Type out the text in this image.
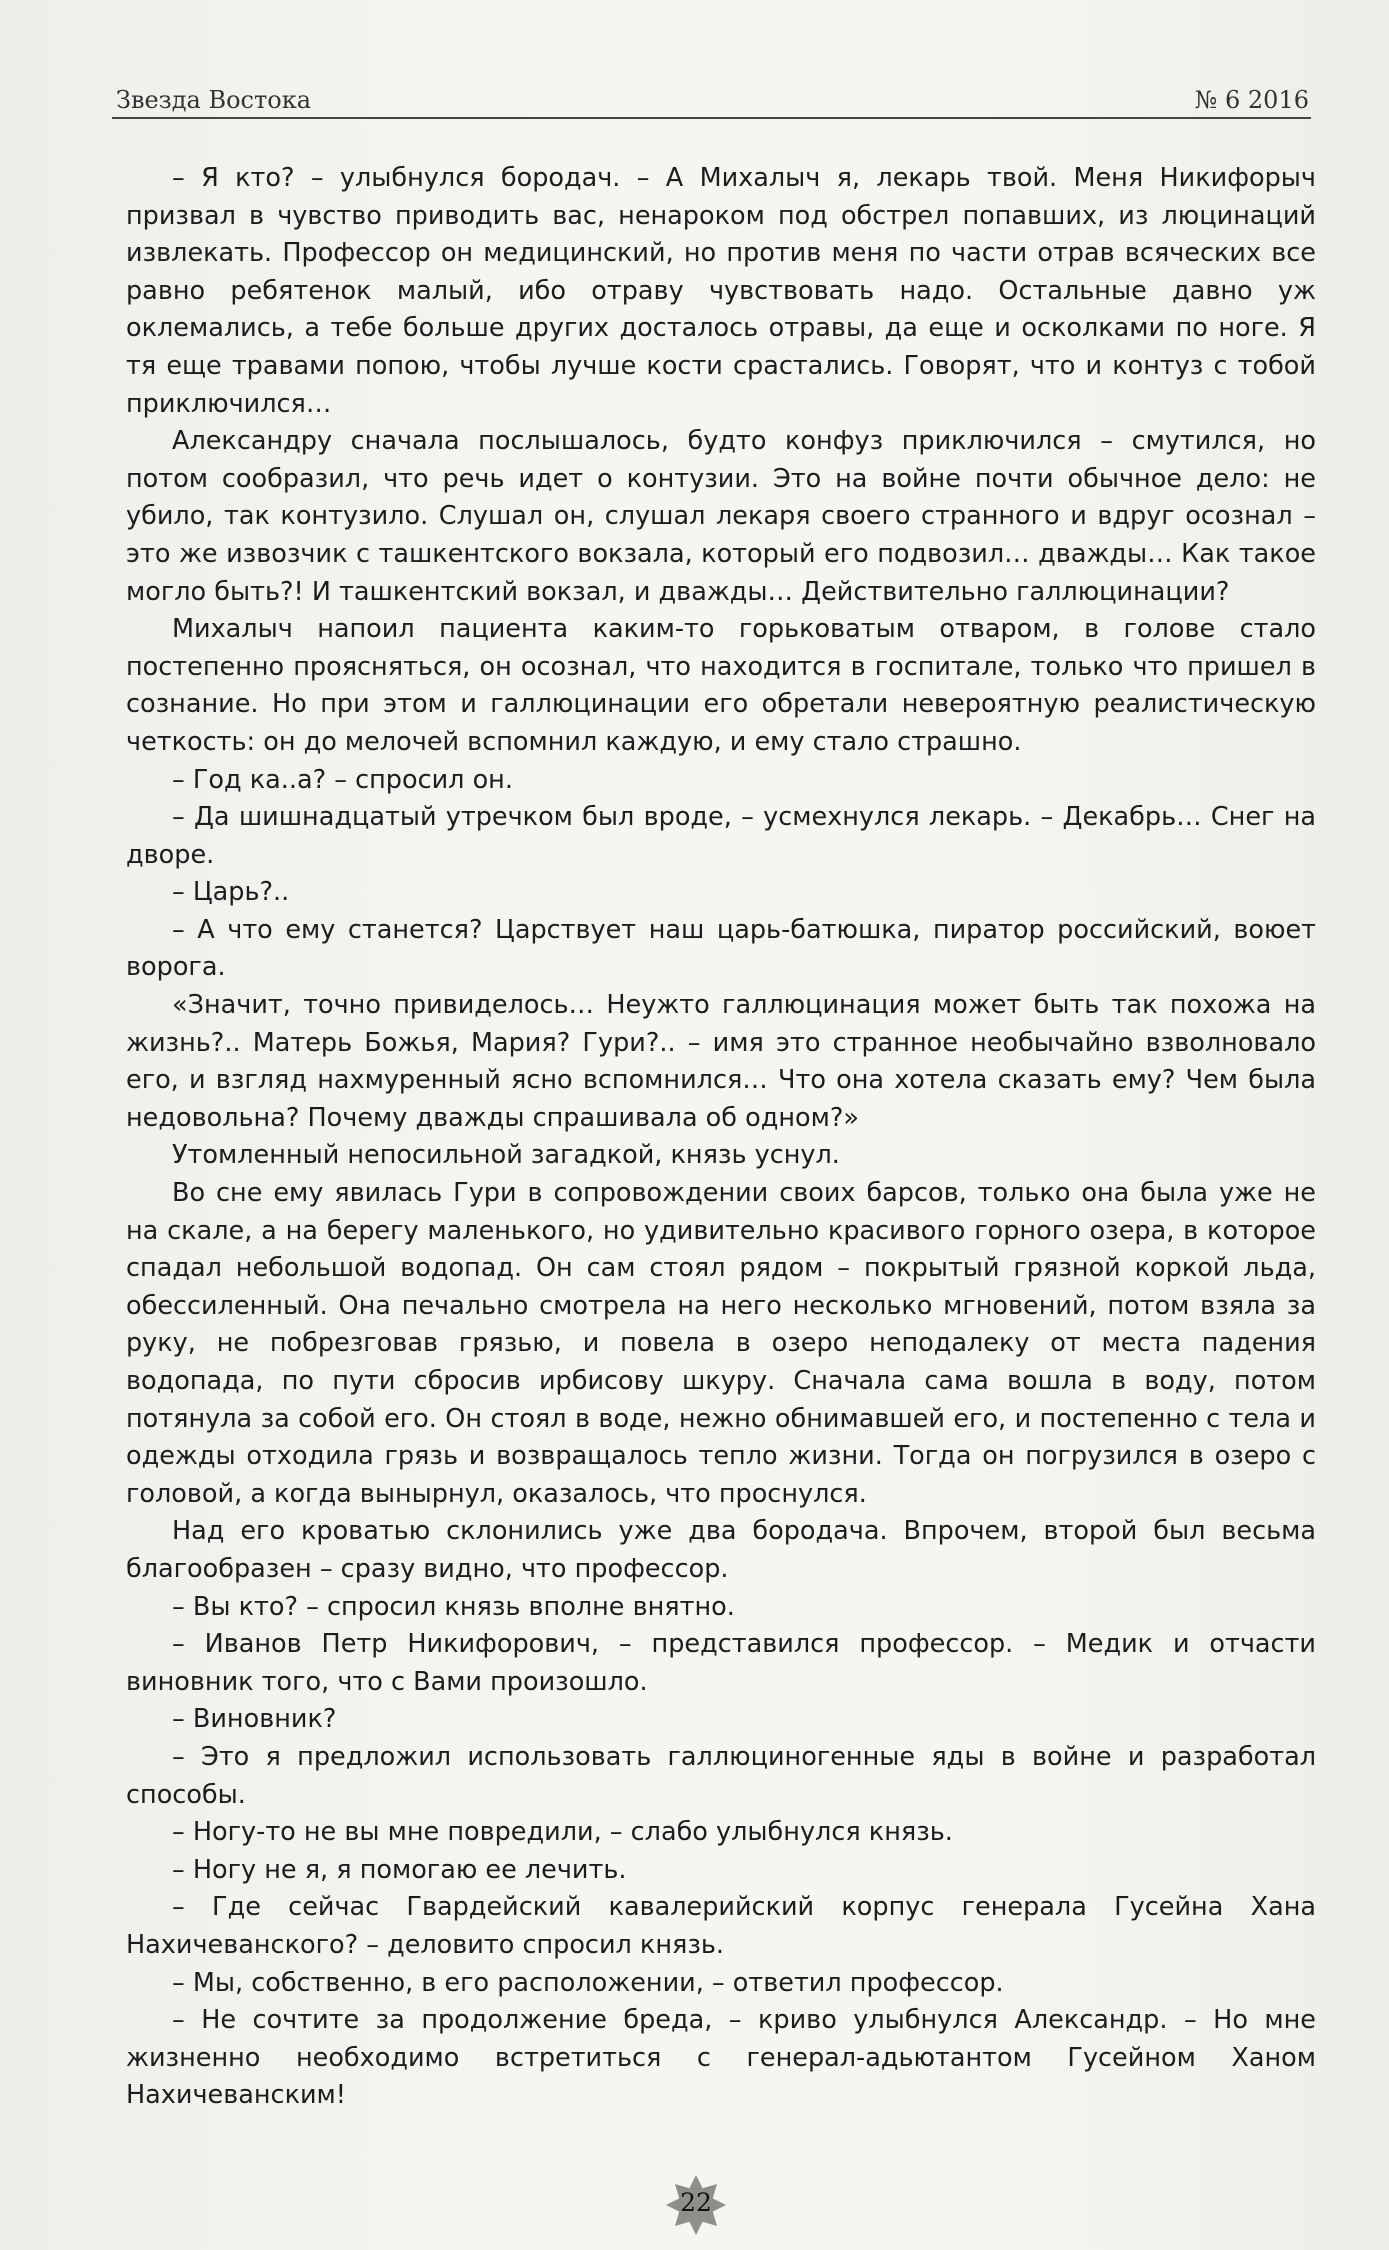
Звезда Востока	№ 6 2016

– Я кто? – улыбнулся бородач. – А Михалыч я, лекарь твой. Меня Никифорыч призвал в чувство приводить вас, ненароком под обстрел попавших, из люцинаций извлекать. Профессор он медицинский, но против меня по части отрав всяческих все равно ребятенок малый, ибо отраву чувствовать надо. Остальные давно уж оклемались, а тебе больше других досталось отравы, да еще и осколками по ноге. Я тя еще травами попою, чтобы лучше кости срастались. Говорят, что и контуз с тобой приключился…

Александру сначала послышалось, будто конфуз приключился – смутился, но потом сообразил, что речь идет о контузии. Это на войне почти обычное дело: не убило, так контузило. Слушал он, слушал лекаря своего странного и вдруг осознал – это же извозчик с ташкентского вокзала, который его подвозил… дважды… Как такое могло быть?! И ташкентский вокзал, и дважды… Действительно галлюцинации?

Михалыч напоил пациента каким-то горьковатым отваром, в голове стало постепенно проясняться, он осознал, что находится в госпитале, только что пришел в сознание. Но при этом и галлюцинации его обретали невероятную реалистическую четкость: он до мелочей вспомнил каждую, и ему стало страшно.

– Год ка..а? – спросил он.

– Да шишнадцатый утречком был вроде, – усмехнулся лекарь. – Декабрь… Снег на дворе.

– Царь?..

– А что ему станется? Царствует наш царь-батюшка, пиратор российский, воюет ворога.

«Значит, точно привиделось… Неужто галлюцинация может быть так похожа на жизнь?.. Матерь Божья, Мария? Гури?.. – имя это странное необычайно взволновало его, и взгляд нахмуренный ясно вспомнился… Что она хотела сказать ему? Чем была недовольна? Почему дважды спрашивала об одном?»

Утомленный непосильной загадкой, князь уснул.

Во сне ему явилась Гури в сопровождении своих барсов, только она была уже не на скале, а на берегу маленького, но удивительно красивого горного озера, в которое спадал небольшой водопад. Он сам стоял рядом – покрытый грязной коркой льда, обессиленный. Она печально смотрела на него несколько мгновений, потом взяла за руку, не побрезговав грязью, и повела в озеро неподалеку от места падения водопада, по пути сбросив ирбисову шкуру. Сначала сама вошла в воду, потом потянула за собой его. Он стоял в воде, нежно обнимавшей его, и постепенно с тела и одежды отходила грязь и возвращалось тепло жизни. Тогда он погрузился в озеро с головой, а когда вынырнул, оказалось, что проснулся.

Над его кроватью склонились уже два бородача. Впрочем, второй был весьма благообразен – сразу видно, что профессор.

– Вы кто? – спросил князь вполне внятно.

– Иванов Петр Никифорович, – представился профессор. – Медик и отчасти виновник того, что с Вами произошло.

– Виновник?

– Это я предложил использовать галлюциногенные яды в войне и разработал способы.

– Ногу-то не вы мне повредили, – слабо улыбнулся князь.

– Ногу не я, я помогаю ее лечить.

– Где сейчас Гвардейский кавалерийский корпус генерала Гусейна Хана Нахичеванского? – деловито спросил князь.

– Мы, собственно, в его расположении, – ответил профессор.

– Не сочтите за продолжение бреда, – криво улыбнулся Александр. – Но мне жизненно необходимо встретиться с генерал-адьютантом Гусейном Ханом Нахичеванским!

22
